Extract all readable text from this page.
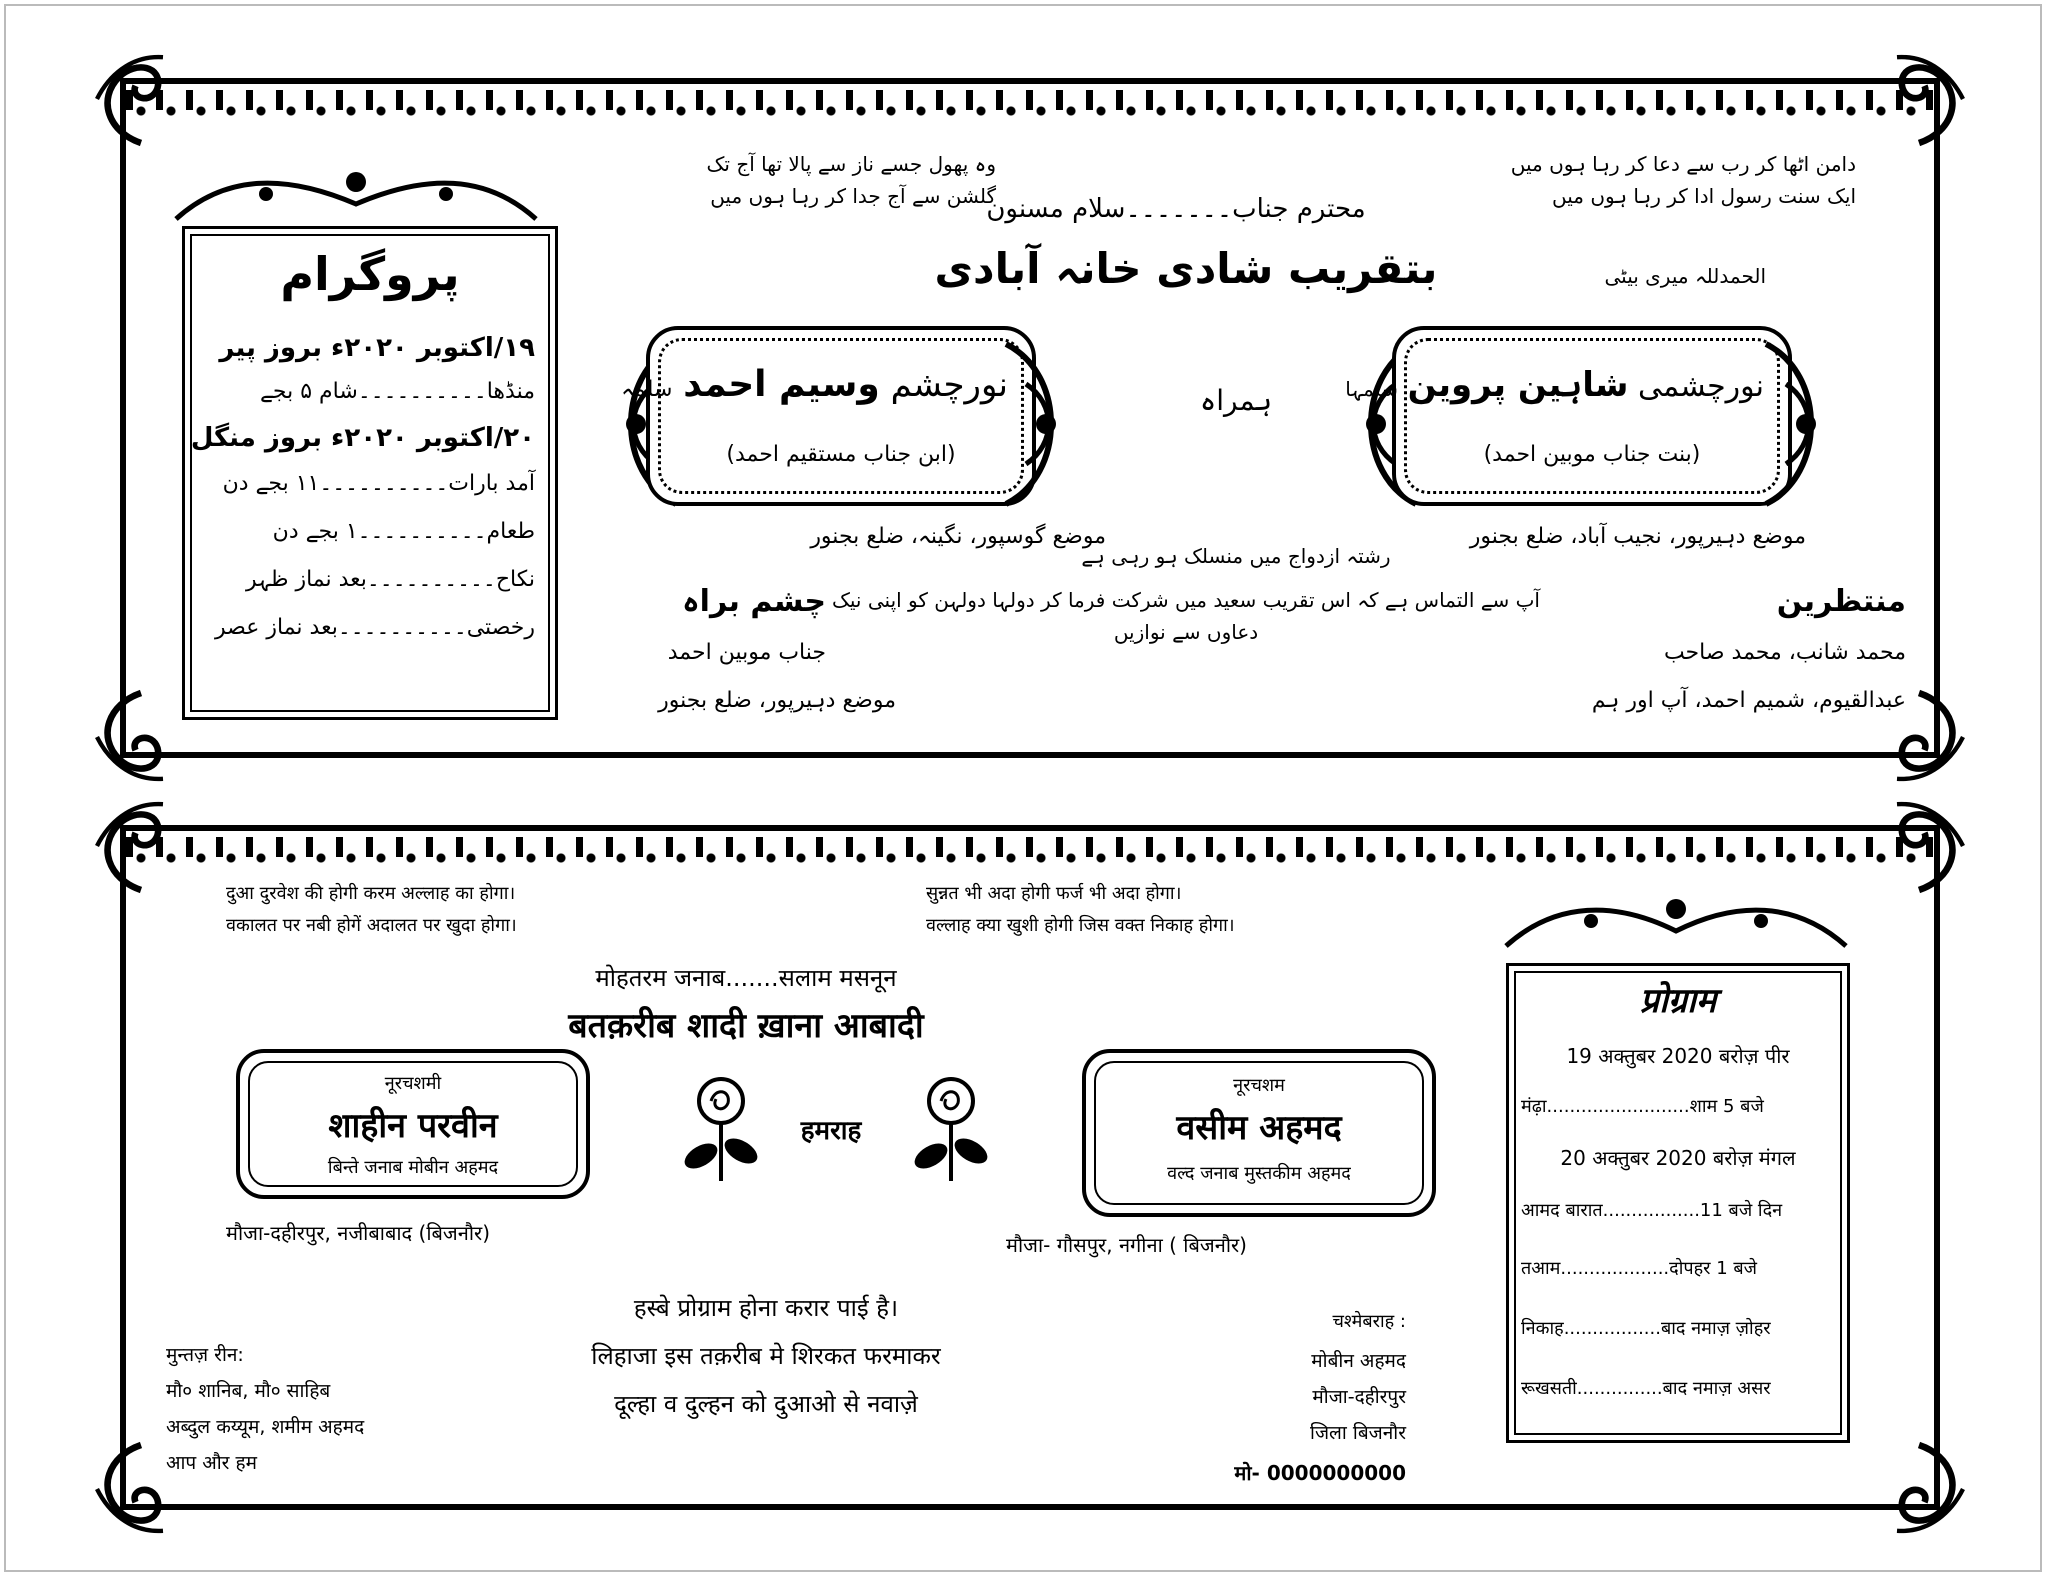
پروگرام
۱۹/اکتوبر ۲۰۲۰ء بروز پیر
منڈھا۔۔۔۔۔۔۔۔۔۔شام ۵ بجے
۲۰/اکتوبر ۲۰۲۰ء بروز منگل
آمد بارات۔۔۔۔۔۔۔۔۔۔۱۱ بجے دن
طعام۔۔۔۔۔۔۔۔۔۔۱ بجے دن
نکاح۔۔۔۔۔۔۔۔۔۔بعد نماز ظہر
رخصتی۔۔۔۔۔۔۔۔۔۔بعد نماز عصر
وہ پھول جسے ناز سے پالا تھا آج تک
گلشن سے آج جدا کر رہا ہوں میں
دامن اٹھا کر رب سے دعا کر رہا ہوں میں
ایک سنت رسول ادا کر رہا ہوں میں
الحمدللہ میری بیٹی
محترم جناب۔۔۔۔۔۔۔سلام مسنون
بتقریب شادی خانہ آبادی
نورچشم وسیم احمد سلمہ
(ابن جناب مستقیم احمد)
موضع گوسپور، نگینہ، ضلع بجنور
ہمراہ	نورچشمی شاہین پروین سلمہا
(بنت جناب موبین احمد)
موضع دہیرپور، نجیب آباد، ضلع بجنور
رشتہ ازدواج میں منسلک ہو رہی ہے
آپ سے التماس ہے کہ اس تقریب سعید میں شرکت فرما کر دولہا دولہن کو اپنی نیک دعاوں سے نوازیں
چشم براہ
جناب موبین احمد
موضع دہیرپور، ضلع بجنور
منتظرین
محمد شانب، محمد صاحب
عبدالقیوم، شمیم احمد، آپ اور ہم
दुआ दुरवेश की होगी करम अल्लाह का होगा।
वकालत पर नबी होगें अदालत पर खुदा होगा।
सुन्नत भी अदा होगी फर्ज भी अदा होगा।
वल्लाह क्या खुशी होगी जिस वक्त निकाह होगा।
मोहतरम जनाब.......सलाम मसनून
बतक़रीब शादी ख़ाना आबादी
नूरचशमी
शाहीन परवीन
बिन्ते जनाब मोबीन अहमद
मौजा-दहीरपुर, नजीबाबाद (बिजनौर)
हमराह
नूरचशम
वसीम अहमद
वल्द जनाब मुस्तकीम अहमद
मौजा- गौसपुर, नगीना ( बिजनौर)
हस्बे प्रोग्राम होना करार पाई है।
लिहाजा इस तक़रीब मे शिरकत फरमाकर
दूल्हा व दुल्हन को दुआओ से नवाज़े
मुन्तज़ रीन:
मौ० शानिब, मौ० साहिब
अब्दुल कय्यूम, शमीम अहमद
आप और हम
चश्मेबराह :
मोबीन अहमद
मौजा-दहीरपुर
जिला बिजनौर
मो- 0000000000
प्रोग्राम
19 अक्तुबर 2020 बरोज़ पीर
मंढ़ा.........................शाम 5 बजे
20 अक्तुबर 2020 बरोज़ मंगल
आमद बारात.................11 बजे दिन
तआम...................दोपहर 1 बजे
निकाह.................बाद नमाज़ ज़ोहर
रूखसती...............बाद नमाज़ असर
